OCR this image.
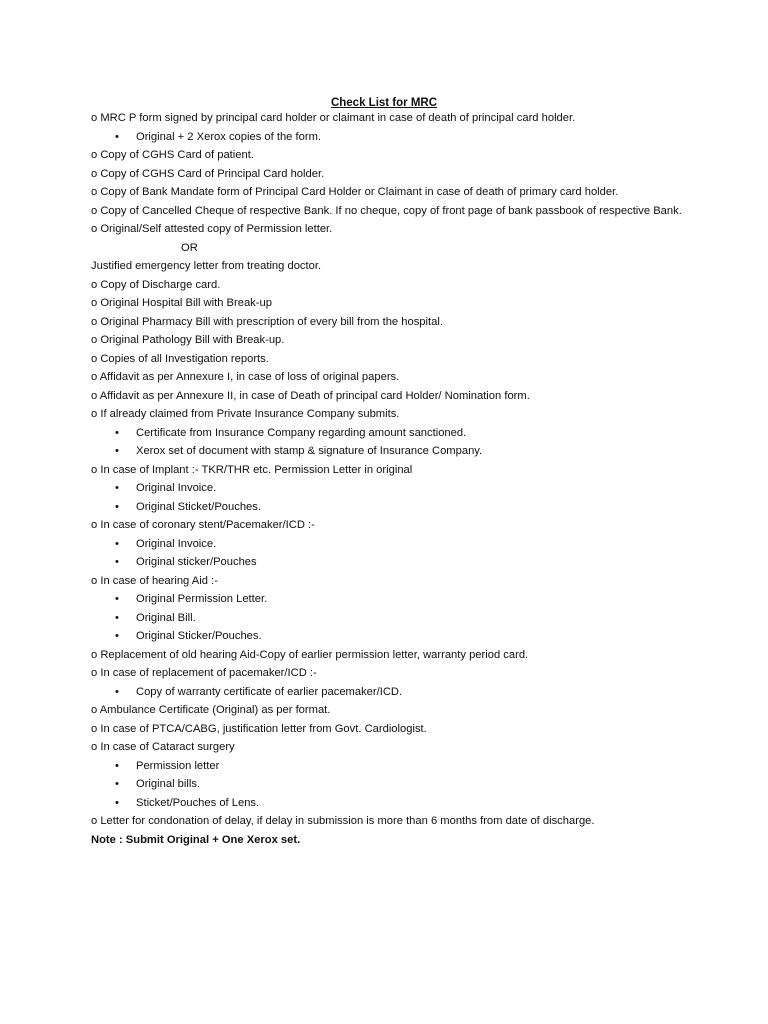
Check List for MRC
o MRC P form signed by principal card holder or claimant in case of death of principal card holder.
• Original + 2 Xerox copies of the form.
o Copy of CGHS Card of patient.
o Copy of CGHS Card of Principal Card holder.
o Copy of Bank Mandate form of Principal Card Holder or Claimant in case of death of primary card holder.
o Copy of Cancelled Cheque of respective Bank. If no cheque, copy of front page of bank passbook of respective Bank.
o Original/Self attested copy of Permission letter.
OR
Justified emergency letter from treating doctor.
o Copy of Discharge card.
o Original Hospital Bill with Break-up
o Original Pharmacy Bill with prescription of every bill from the hospital.
o Original Pathology Bill with Break-up.
o Copies of all Investigation reports.
o Affidavit as per Annexure I, in case of loss of original papers.
o Affidavit as per Annexure II, in case of Death of principal card Holder/ Nomination form.
o If already claimed from Private Insurance Company submits.
• Certificate from Insurance Company regarding amount sanctioned.
• Xerox set of document with stamp & signature of Insurance Company.
o In case of Implant :- TKR/THR etc. Permission Letter in original
• Original Invoice.
• Original Sticket/Pouches.
o In case of coronary stent/Pacemaker/ICD :-
• Original Invoice.
• Original sticker/Pouches
o In case of hearing Aid :-
• Original Permission Letter.
• Original Bill.
• Original Sticker/Pouches.
o Replacement of old hearing Aid-Copy of earlier permission letter, warranty period card.
o In case of replacement of pacemaker/ICD :-
• Copy of warranty certificate of earlier pacemaker/ICD.
o Ambulance Certificate (Original) as per format.
o In case of PTCA/CABG, justification letter from Govt. Cardiologist.
o In case of Cataract surgery
• Permission letter
• Original bills.
• Sticket/Pouches of Lens.
o Letter for condonation of delay, if delay in submission is more than 6 months from date of discharge.
Note : Submit Original + One Xerox set.
